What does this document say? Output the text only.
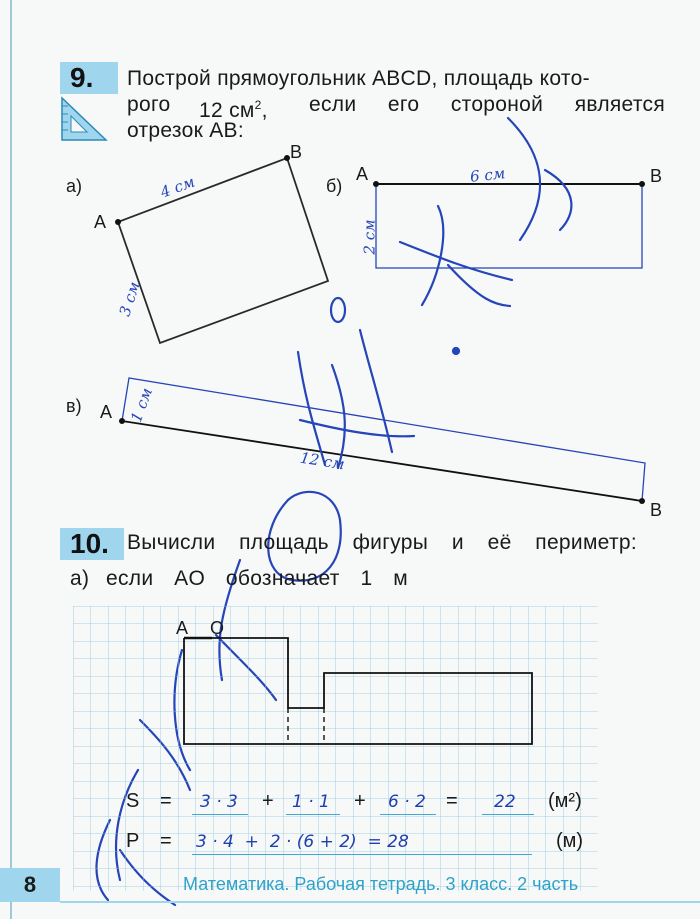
9. Построй прямоугольник ABCD, площадь кото-
рого 12 $см^2$, если его стороной является
отрезок AB:
а)
A
B
4 см
3 см
б)
A	B
6 см
2 см
в) A
B
12 см
1 см
10. Вычисли площадь фигуры и её периметр:
а) если AO обозначает 1 м
A O
S = 3 · 3 + 1 · 1 + 6 · 2 = 22 (м²)
P = 3 · 4  +  2 · (6 + 2)  = 28	(м)
8	Математика. Рабочая тетрадь. 3 класс. 2 часть
